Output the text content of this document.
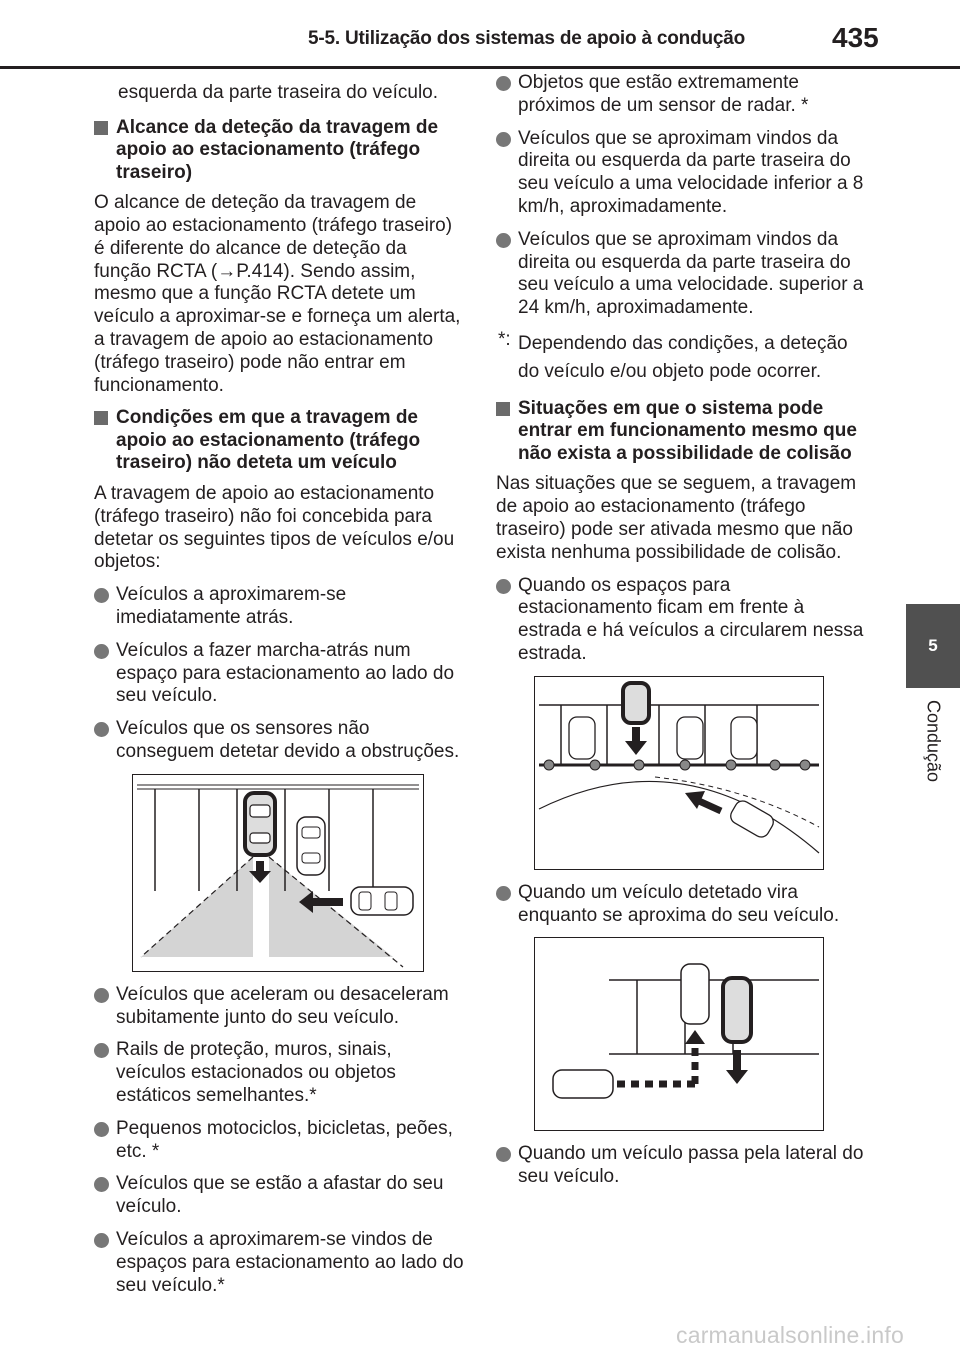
5-5. Utilização dos sistemas de apoio à condução	435
5
Condução
esquerda da parte traseira do veículo.
Alcance da deteção da travagem de apoio ao estacionamento (tráfego traseiro)
O alcance de deteção da travagem de apoio ao estacionamento (tráfego traseiro) é diferente do alcance de deteção da função RCTA (→P.414). Sendo assim, mesmo que a função RCTA detete um veículo a aproximar-se e forneça um alerta, a travagem de apoio ao estacionamento (tráfego traseiro) pode não entrar em funcionamento.
Condições em que a travagem de apoio ao estacionamento (tráfego traseiro) não deteta um veículo
A travagem de apoio ao estacionamento (tráfego traseiro) não foi concebida para detetar os seguintes tipos de veículos e/ou objetos:
Veículos a aproximarem-se imediatamente atrás.
Veículos a fazer marcha-atrás num espaço para estacionamento ao lado do seu veículo.
Veículos que os sensores não conseguem detetar devido a obstruções.
Veículos que aceleram ou desaceleram subitamente junto do seu veículo.
Rails de proteção, muros, sinais, veículos estacionados ou objetos estáticos semelhantes.*
Pequenos motociclos, bicicletas, peões, etc. *
Veículos que se estão a afastar do seu veículo.
Veículos a aproximarem-se vindos de espaços para estacionamento ao lado do seu veículo.*
Objetos que estão extremamente próximos de um sensor de radar. *
Veículos que se aproximam vindos da direita ou esquerda da parte traseira do seu veículo a uma velocidade inferior a 8 km/h, aproximadamente.
Veículos que se aproximam vindos da direita ou esquerda da parte traseira do seu veículo a uma velocidade. superior a 24 km/h, aproximadamente.
*: Dependendo das condições, a deteção do veículo e/ou objeto pode ocorrer.
Situações em que o sistema pode entrar em funcionamento mesmo que não exista a possibilidade de colisão
Nas situações que se seguem, a travagem de apoio ao estacionamento (tráfego traseiro) pode ser ativada mesmo que não exista nenhuma possibilidade de colisão.
Quando os espaços para estacionamento ficam em frente à estrada e há veículos a circularem nessa estrada.
Quando um veículo detetado vira enquanto se aproxima do seu veículo.
Quando um veículo passa pela lateral do seu veículo.
carmanualsonline.info
